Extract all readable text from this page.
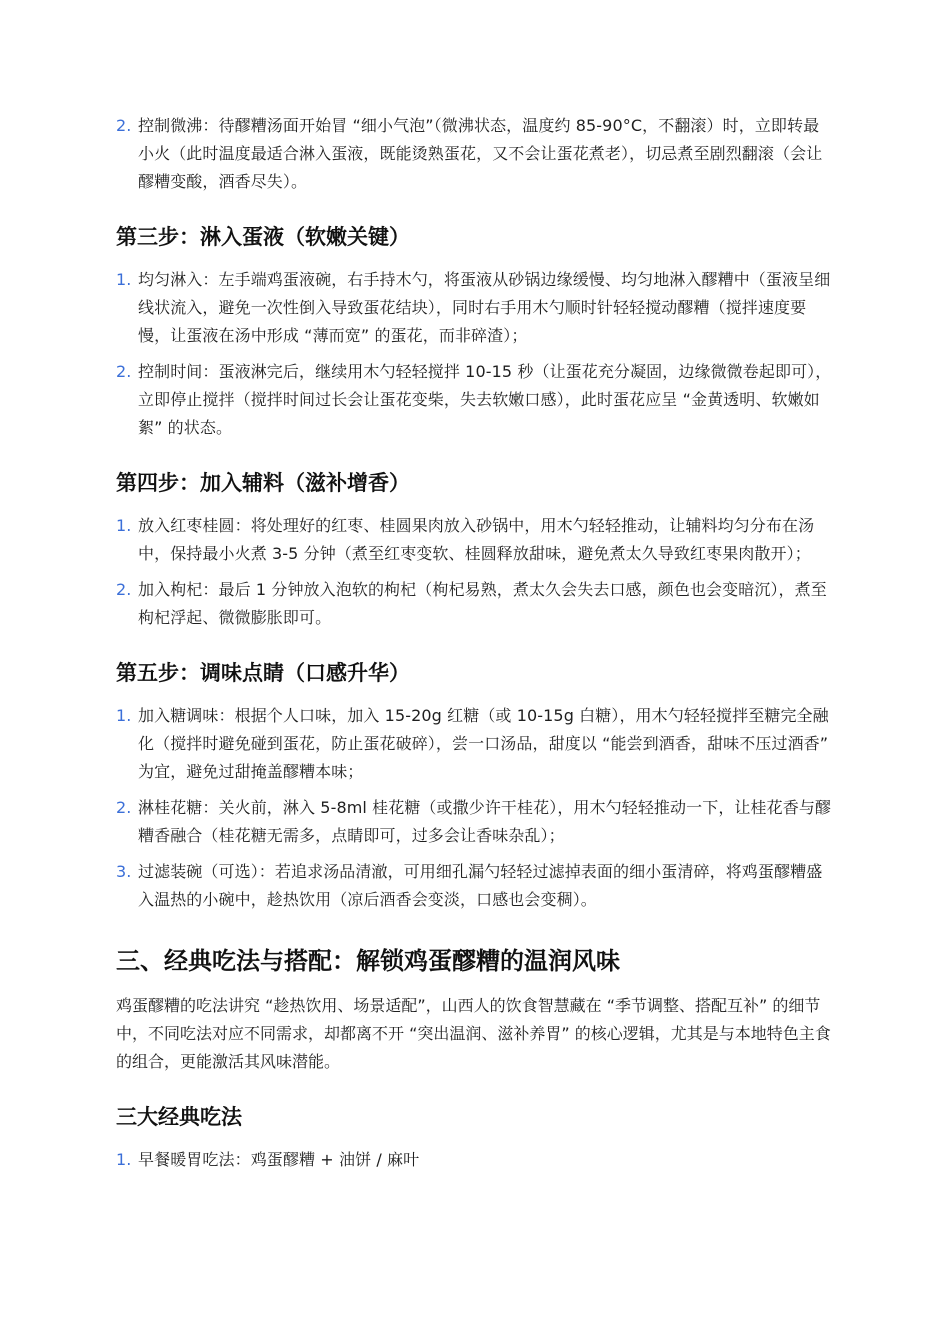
2. 控制微沸：待醪糟汤面开始冒 “细小气泡”（微沸状态，温度约 85-90°C，不翻滚）时，立即转最小火（此时温度最适合淋入蛋液，既能烫熟蛋花，又不会让蛋花煮老），切忌煮至剧烈翻滚（会让醪糟变酸，酒香尽失）。
第三步：淋入蛋液（软嫩关键）
1. 均匀淋入：左手端鸡蛋液碗，右手持木勺，将蛋液从砂锅边缘缓慢、均匀地淋入醪糟中（蛋液呈细线状流入，避免一次性倒入导致蛋花结块），同时右手用木勺顺时针轻轻搅动醪糟（搅拌速度要慢，让蛋液在汤中形成 “薄而宽” 的蛋花，而非碎渣）；
2. 控制时间：蛋液淋完后，继续用木勺轻轻搅拌 10-15 秒（让蛋花充分凝固，边缘微微卷起即可），立即停止搅拌（搅拌时间过长会让蛋花变柴，失去软嫩口感），此时蛋花应呈 “金黄透明、软嫩如絮” 的状态。
第四步：加入辅料（滋补增香）
1. 放入红枣桂圆：将处理好的红枣、桂圆果肉放入砂锅中，用木勺轻轻推动，让辅料均匀分布在汤中，保持最小火煮 3-5 分钟（煮至红枣变软、桂圆释放甜味，避免煮太久导致红枣果肉散开）；
2. 加入枸杞：最后 1 分钟放入泡软的枸杞（枸杞易熟，煮太久会失去口感，颜色也会变暗沉），煮至枸杞浮起、微微膨胀即可。
第五步：调味点睛（口感升华）
1. 加入糖调味：根据个人口味，加入 15-20g 红糖（或 10-15g 白糖），用木勺轻轻搅拌至糖完全融化（搅拌时避免碰到蛋花，防止蛋花破碎），尝一口汤品，甜度以 “能尝到酒香，甜味不压过酒香” 为宜，避免过甜掩盖醪糟本味；
2. 淋桂花糖：关火前，淋入 5-8ml 桂花糖（或撒少许干桂花），用木勺轻轻推动一下，让桂花香与醪糟香融合（桂花糖无需多，点睛即可，过多会让香味杂乱）；
3. 过滤装碗（可选）：若追求汤品清澈，可用细孔漏勺轻轻过滤掉表面的细小蛋清碎，将鸡蛋醪糟盛入温热的小碗中，趁热饮用（凉后酒香会变淡，口感也会变稠）。
三、经典吃法与搭配：解锁鸡蛋醪糟的温润风味

鸡蛋醪糟的吃法讲究 “趁热饮用、场景适配”，山西人的饮食智慧藏在 “季节调整、搭配互补” 的细节中，不同吃法对应不同需求，却都离不开 “突出温润、滋补养胃” 的核心逻辑，尤其是与本地特色主食的组合，更能激活其风味潜能。

三大经典吃法
1. 早餐暖胃吃法：鸡蛋醪糟 + 油饼 / 麻叶
